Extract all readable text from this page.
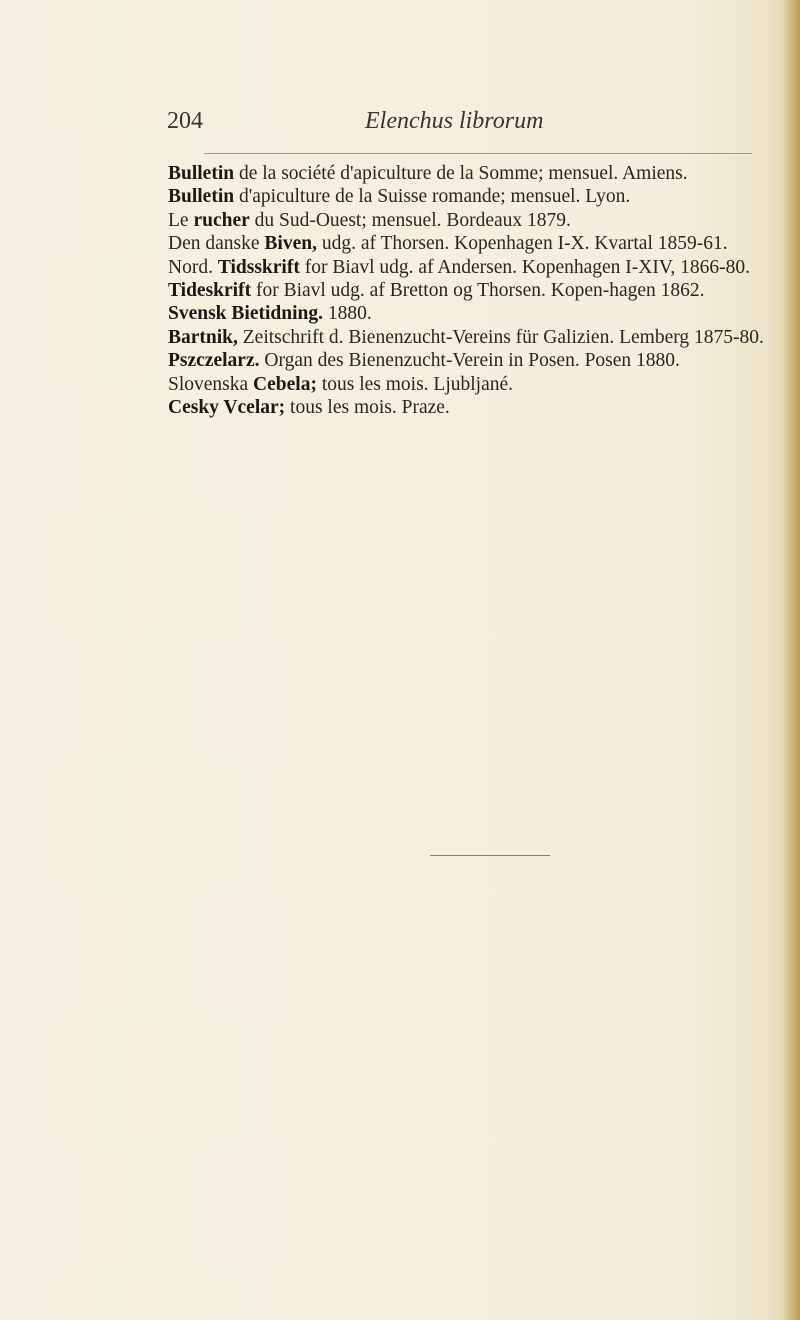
204	Elenchus librorum

Bulletin de la société d'apiculture de la Somme; mensuel. Amiens.

Bulletin d'apiculture de la Suisse romande; mensuel. Lyon.

Le rucher du Sud-Ouest; mensuel. Bordeaux 1879.

Den danske Biven, udg. af Thorsen. Kopenhagen I-X. Kvartal 1859-61.

Nord. Tidsskrift for Biavl udg. af Andersen. Kopenhagen I-XIV, 1866-80.

Tideskrift for Biavl udg. af Bretton og Thorsen. Kopen-hagen 1862.

Svensk Bietidning. 1880.

Bartnik, Zeitschrift d. Bienenzucht-Vereins für Galizien. Lemberg 1875-80.

Pszczelarz. Organ des Bienenzucht-Verein in Posen. Posen 1880.

Slovenska Cebela; tous les mois. Ljubljané.

Cesky Vcelar; tous les mois. Praze.
